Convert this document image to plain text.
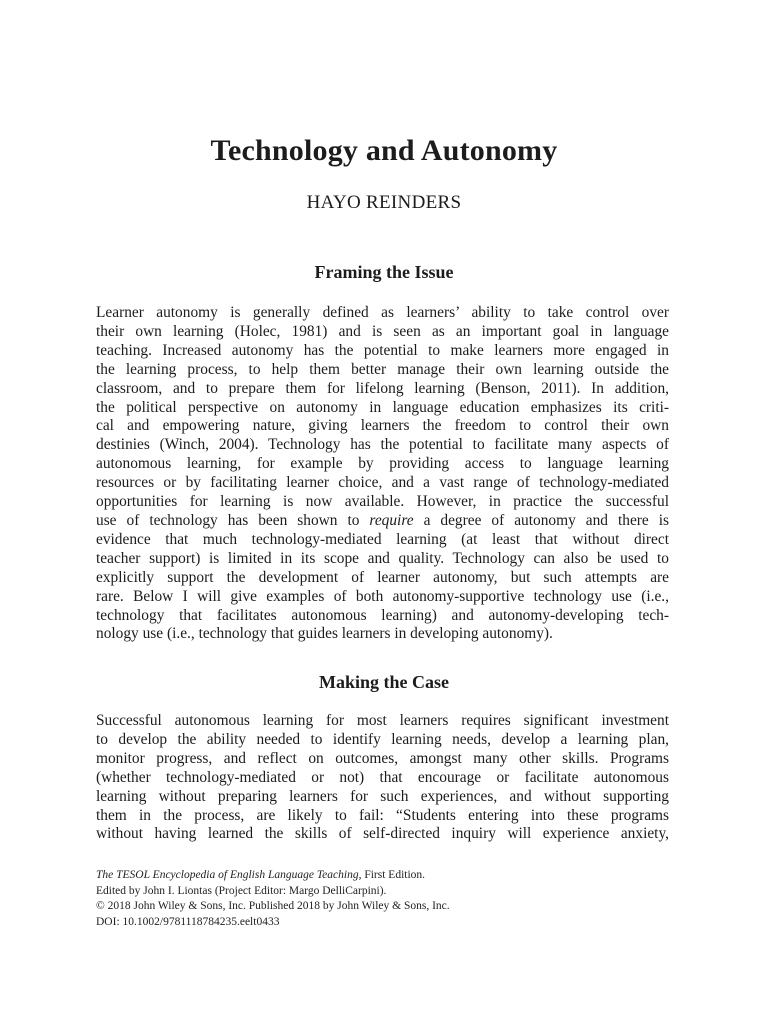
Technology and Autonomy
HAYO REINDERS
Framing the Issue
Learner autonomy is generally defined as learners’ ability to take control over
their own learning (Holec, 1981) and is seen as an important goal in language
teaching. Increased autonomy has the potential to make learners more engaged in
the learning process, to help them better manage their own learning outside the
classroom, and to prepare them for lifelong learning (Benson, 2011). In addition,
the political perspective on autonomy in language education emphasizes its criti-
cal and empowering nature, giving learners the freedom to control their own
destinies (Winch, 2004). Technology has the potential to facilitate many aspects of
autonomous learning, for example by providing access to language learning
resources or by facilitating learner choice, and a vast range of technology-mediated
opportunities for learning is now available. However, in practice the successful
use of technology has been shown to require a degree of autonomy and there is
evidence that much technology-mediated learning (at least that without direct
teacher support) is limited in its scope and quality. Technology can also be used to
explicitly support the development of learner autonomy, but such attempts are
rare. Below I will give examples of both autonomy-supportive technology use (i.e.,
technology that facilitates autonomous learning) and autonomy-developing tech-
nology use (i.e., technology that guides learners in developing autonomy).
Making the Case
Successful autonomous learning for most learners requires significant investment
to develop the ability needed to identify learning needs, develop a learning plan,
monitor progress, and reflect on outcomes, amongst many other skills. Programs
(whether technology-mediated or not) that encourage or facilitate autonomous
learning without preparing learners for such experiences, and without supporting
them in the process, are likely to fail: “Students entering into these programs
without having learned the skills of self-directed inquiry will experience anxiety,
The TESOL Encyclopedia of English Language Teaching, First Edition.
Edited by John I. Liontas (Project Editor: Margo DelliCarpini).
© 2018 John Wiley & Sons, Inc. Published 2018 by John Wiley & Sons, Inc.
DOI: 10.1002/9781118784235.eelt0433
